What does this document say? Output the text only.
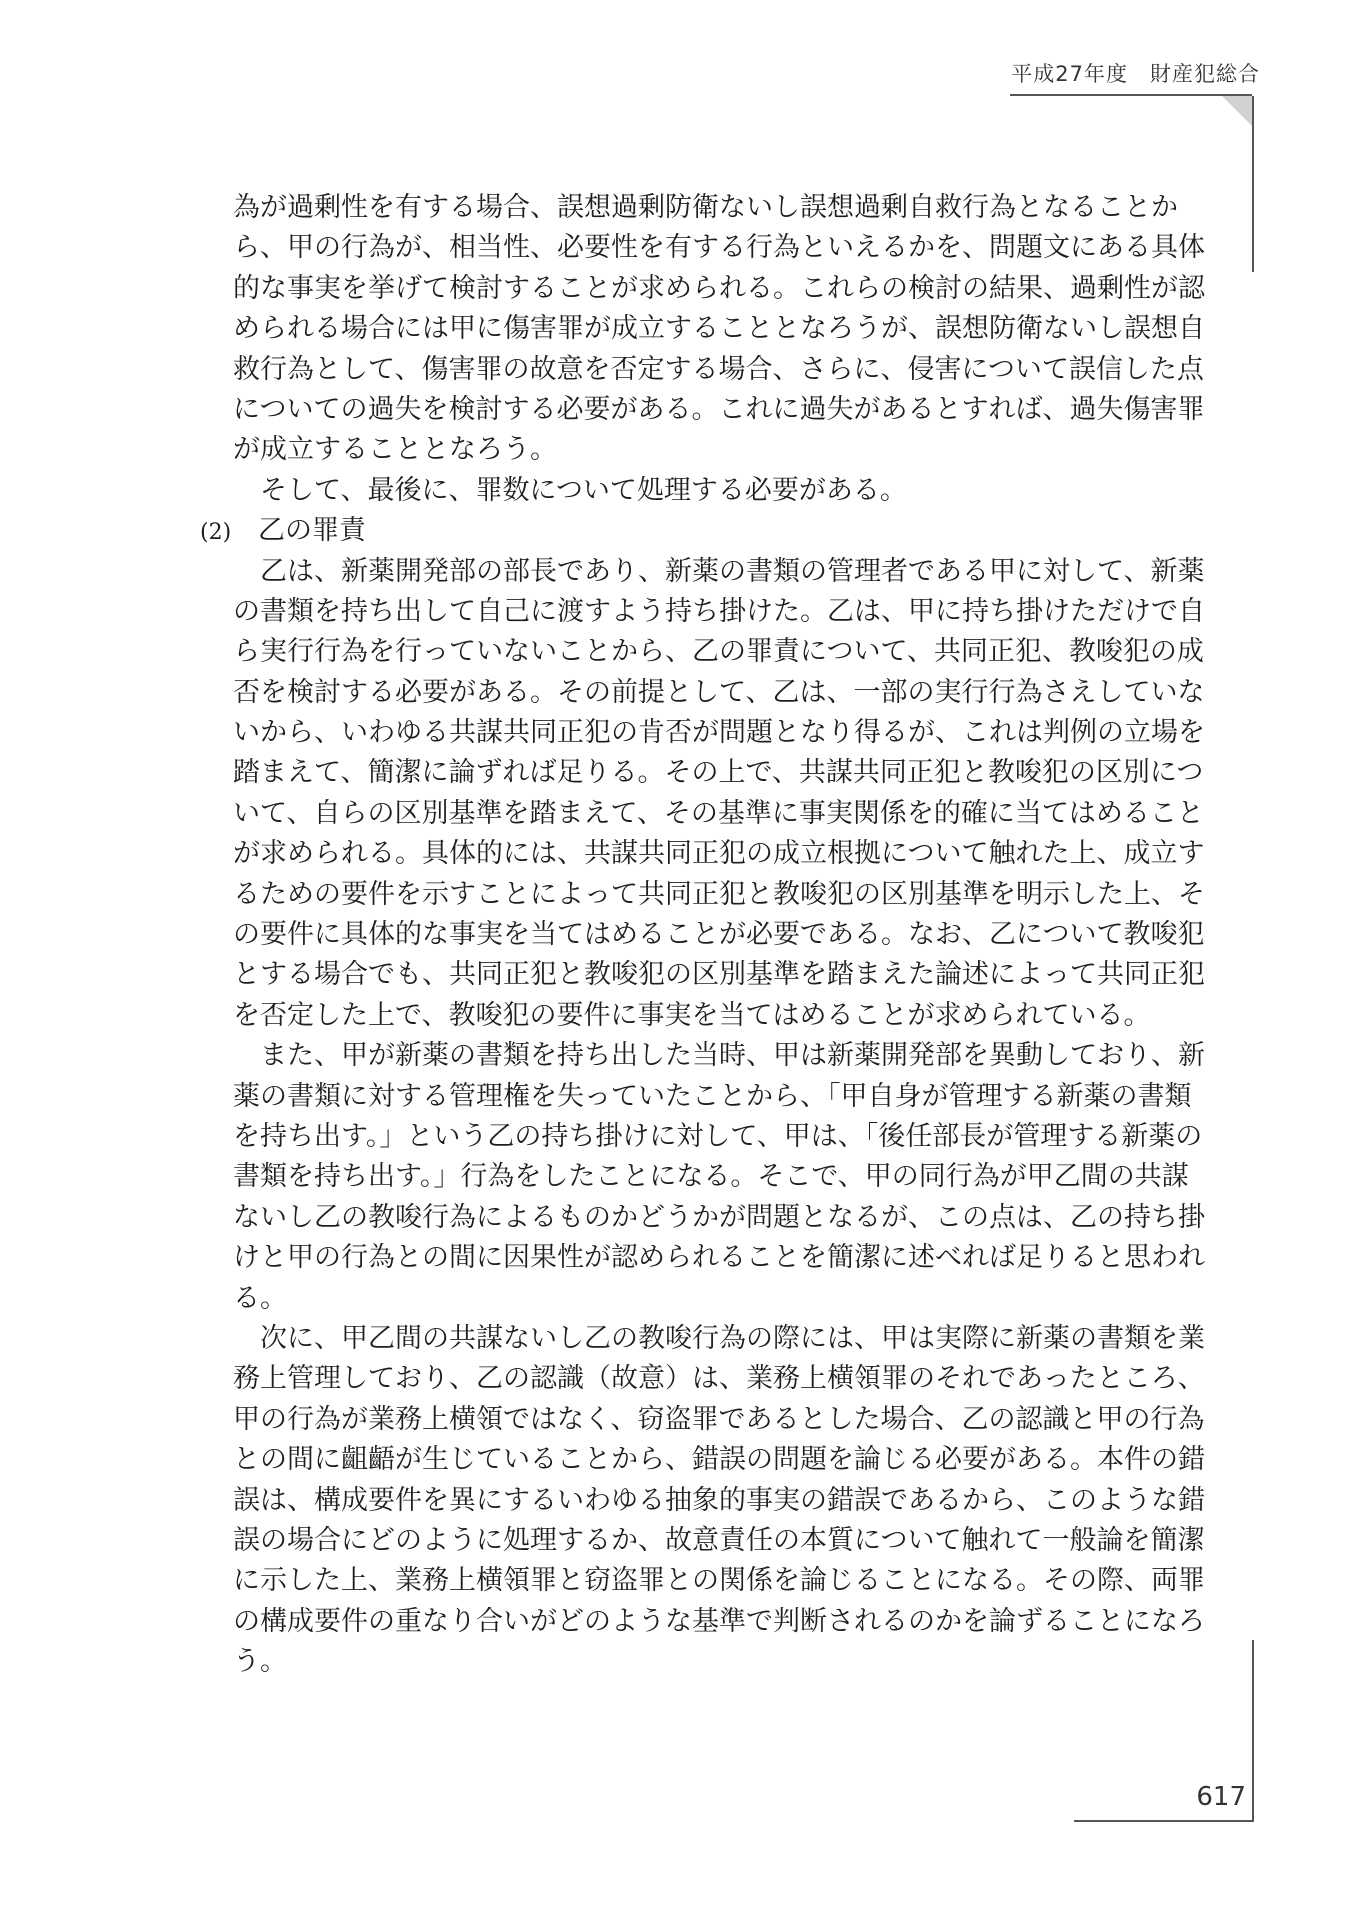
平成27年度 財産犯総合
為が過剰性を有する場合、誤想過剰防衛ないし誤想過剰自救行為となることか
ら、甲の行為が、相当性、必要性を有する行為といえるかを、問題文にある具体
的な事実を挙げて検討することが求められる。これらの検討の結果、過剰性が認
められる場合には甲に傷害罪が成立することとなろうが、誤想防衛ないし誤想自
救行為として、傷害罪の故意を否定する場合、さらに、侵害について誤信した点
についての過失を検討する必要がある。これに過失があるとすれば、過失傷害罪
が成立することとなろう。
そして、最後に、罪数について処理する必要がある。
(2) 乙の罪責
乙は、新薬開発部の部長であり、新薬の書類の管理者である甲に対して、新薬
の書類を持ち出して自己に渡すよう持ち掛けた。乙は、甲に持ち掛けただけで自
ら実行行為を行っていないことから、乙の罪責について、共同正犯、教唆犯の成
否を検討する必要がある。その前提として、乙は、一部の実行行為さえしていな
いから、いわゆる共謀共同正犯の肯否が問題となり得るが、これは判例の立場を
踏まえて、簡潔に論ずれば足りる。その上で、共謀共同正犯と教唆犯の区別につ
いて、自らの区別基準を踏まえて、その基準に事実関係を的確に当てはめること
が求められる。具体的には、共謀共同正犯の成立根拠について触れた上、成立す
るための要件を示すことによって共同正犯と教唆犯の区別基準を明示した上、そ
の要件に具体的な事実を当てはめることが必要である。なお、乙について教唆犯
とする場合でも、共同正犯と教唆犯の区別基準を踏まえた論述によって共同正犯
を否定した上で、教唆犯の要件に事実を当てはめることが求められている。
また、甲が新薬の書類を持ち出した当時、甲は新薬開発部を異動しており、新
薬の書類に対する管理権を失っていたことから、「甲自身が管理する新薬の書類
を持ち出す。」という乙の持ち掛けに対して、甲は、「後任部長が管理する新薬の
書類を持ち出す。」行為をしたことになる。そこで、甲の同行為が甲乙間の共謀
ないし乙の教唆行為によるものかどうかが問題となるが、この点は、乙の持ち掛
けと甲の行為との間に因果性が認められることを簡潔に述べれば足りると思われ
る。
次に、甲乙間の共謀ないし乙の教唆行為の際には、甲は実際に新薬の書類を業
務上管理しており、乙の認識（故意）は、業務上横領罪のそれであったところ、
甲の行為が業務上横領ではなく、窃盗罪であるとした場合、乙の認識と甲の行為
との間に齟齬が生じていることから、錯誤の問題を論じる必要がある。本件の錯
誤は、構成要件を異にするいわゆる抽象的事実の錯誤であるから、このような錯
誤の場合にどのように処理するか、故意責任の本質について触れて一般論を簡潔
に示した上、業務上横領罪と窃盗罪との関係を論じることになる。その際、両罪
の構成要件の重なり合いがどのような基準で判断されるのかを論ずることになろ
う。
617
